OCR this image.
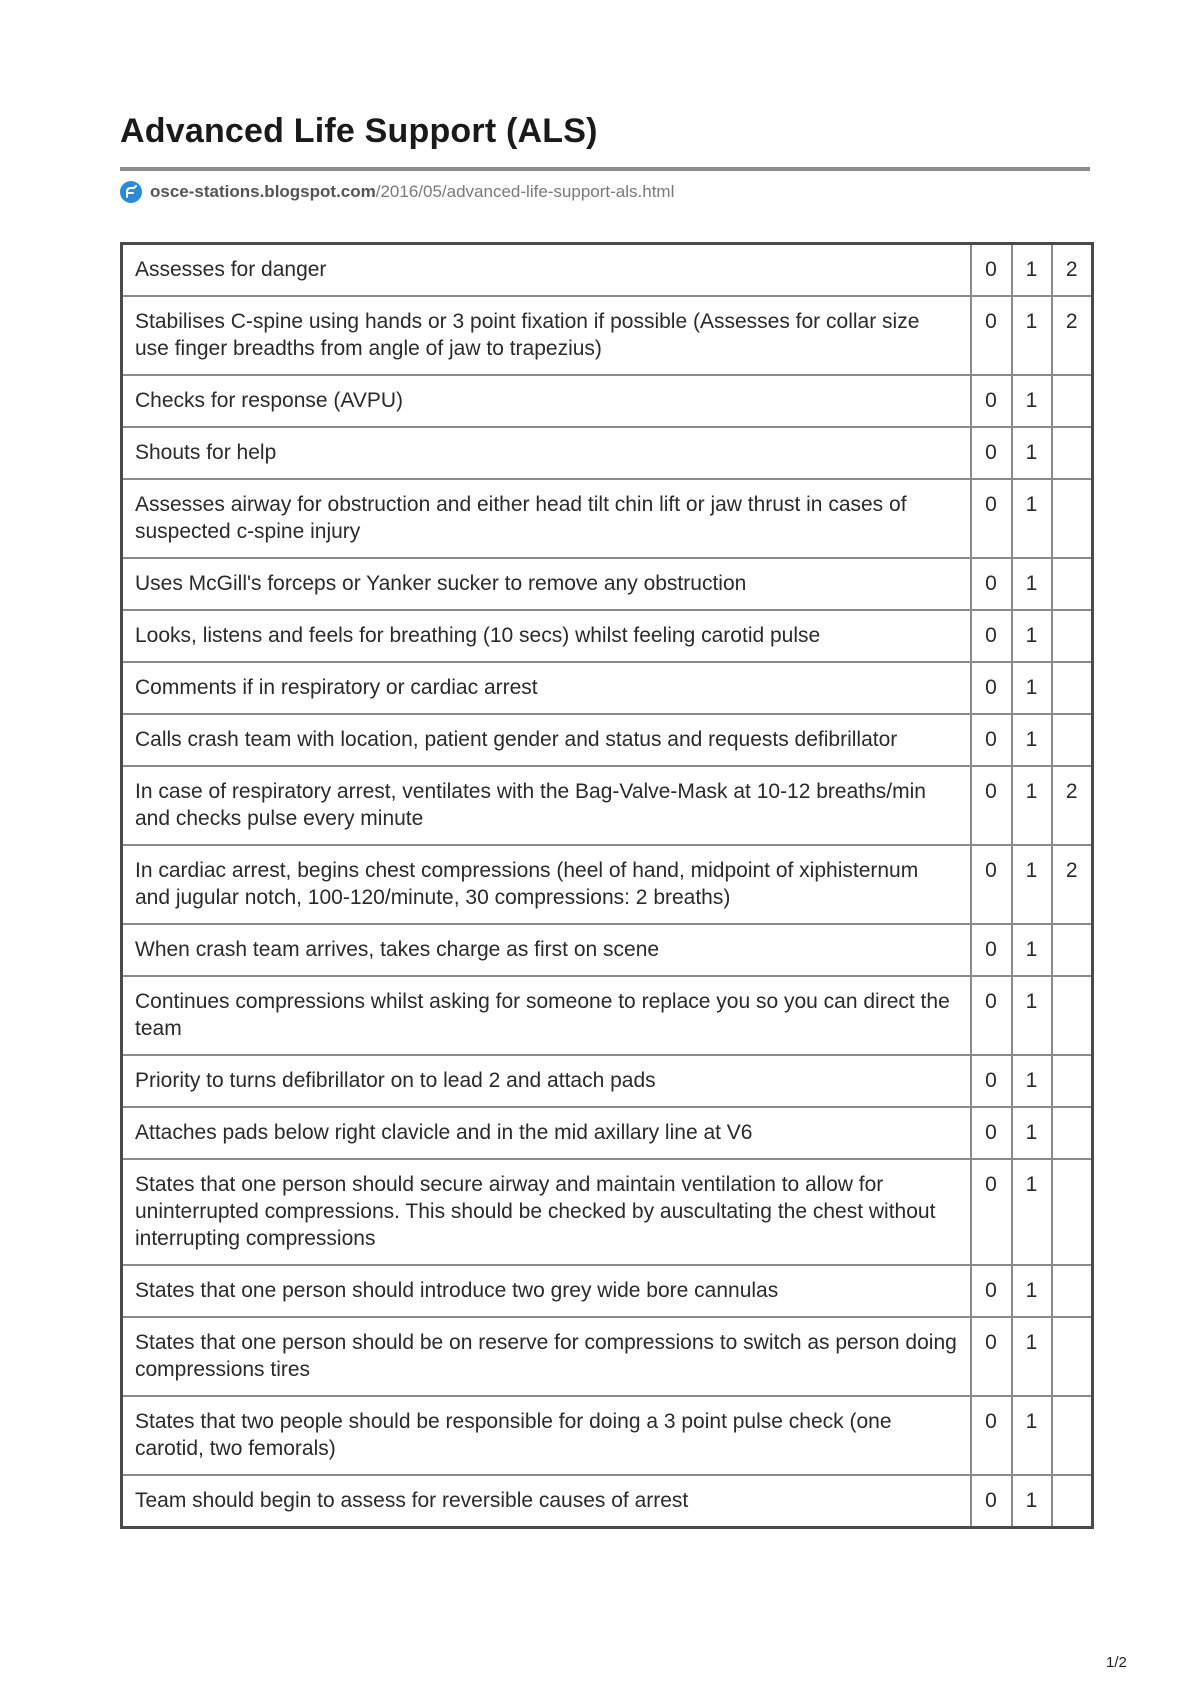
Advanced Life Support (ALS)
osce-stations.blogspot.com /2016/05/advanced-life-support-als.html
Assesses for danger	0	1	2
Stabilises C-spine using hands or 3 point fixation if possible (Assesses for collar size use finger breadths from angle of jaw to trapezius)	0	1	2
Checks for response (AVPU)	0	1	
Shouts for help	0	1	
Assesses airway for obstruction and either head tilt chin lift or jaw thrust in cases of suspected c-spine injury	0	1	
Uses McGill's forceps or Yanker sucker to remove any obstruction	0	1	
Looks, listens and feels for breathing (10 secs) whilst feeling carotid pulse	0	1	
Comments if in respiratory or cardiac arrest	0	1	
Calls crash team with location, patient gender and status and requests defibrillator	0	1	
In case of respiratory arrest, ventilates with the Bag-Valve-Mask at 10-12 breaths/min and checks pulse every minute	0	1	2
In cardiac arrest, begins chest compressions (heel of hand, midpoint of xiphisternum and jugular notch, 100-120/minute, 30 compressions: 2 breaths)	0	1	2
When crash team arrives, takes charge as first on scene	0	1	
Continues compressions whilst asking for someone to replace you so you can direct the team	0	1	
Priority to turns defibrillator on to lead 2 and attach pads	0	1	
Attaches pads below right clavicle and in the mid axillary line at V6	0	1	
States that one person should secure airway and maintain ventilation to allow for uninterrupted compressions. This should be checked by auscultating the chest without interrupting compressions	0	1	
States that one person should introduce two grey wide bore cannulas	0	1	
States that one person should be on reserve for compressions to switch as person doing compressions tires	0	1	
States that two people should be responsible for doing a 3 point pulse check (one carotid, two femorals)	0	1	
Team should begin to assess for reversible causes of arrest	0	1	
1/2
